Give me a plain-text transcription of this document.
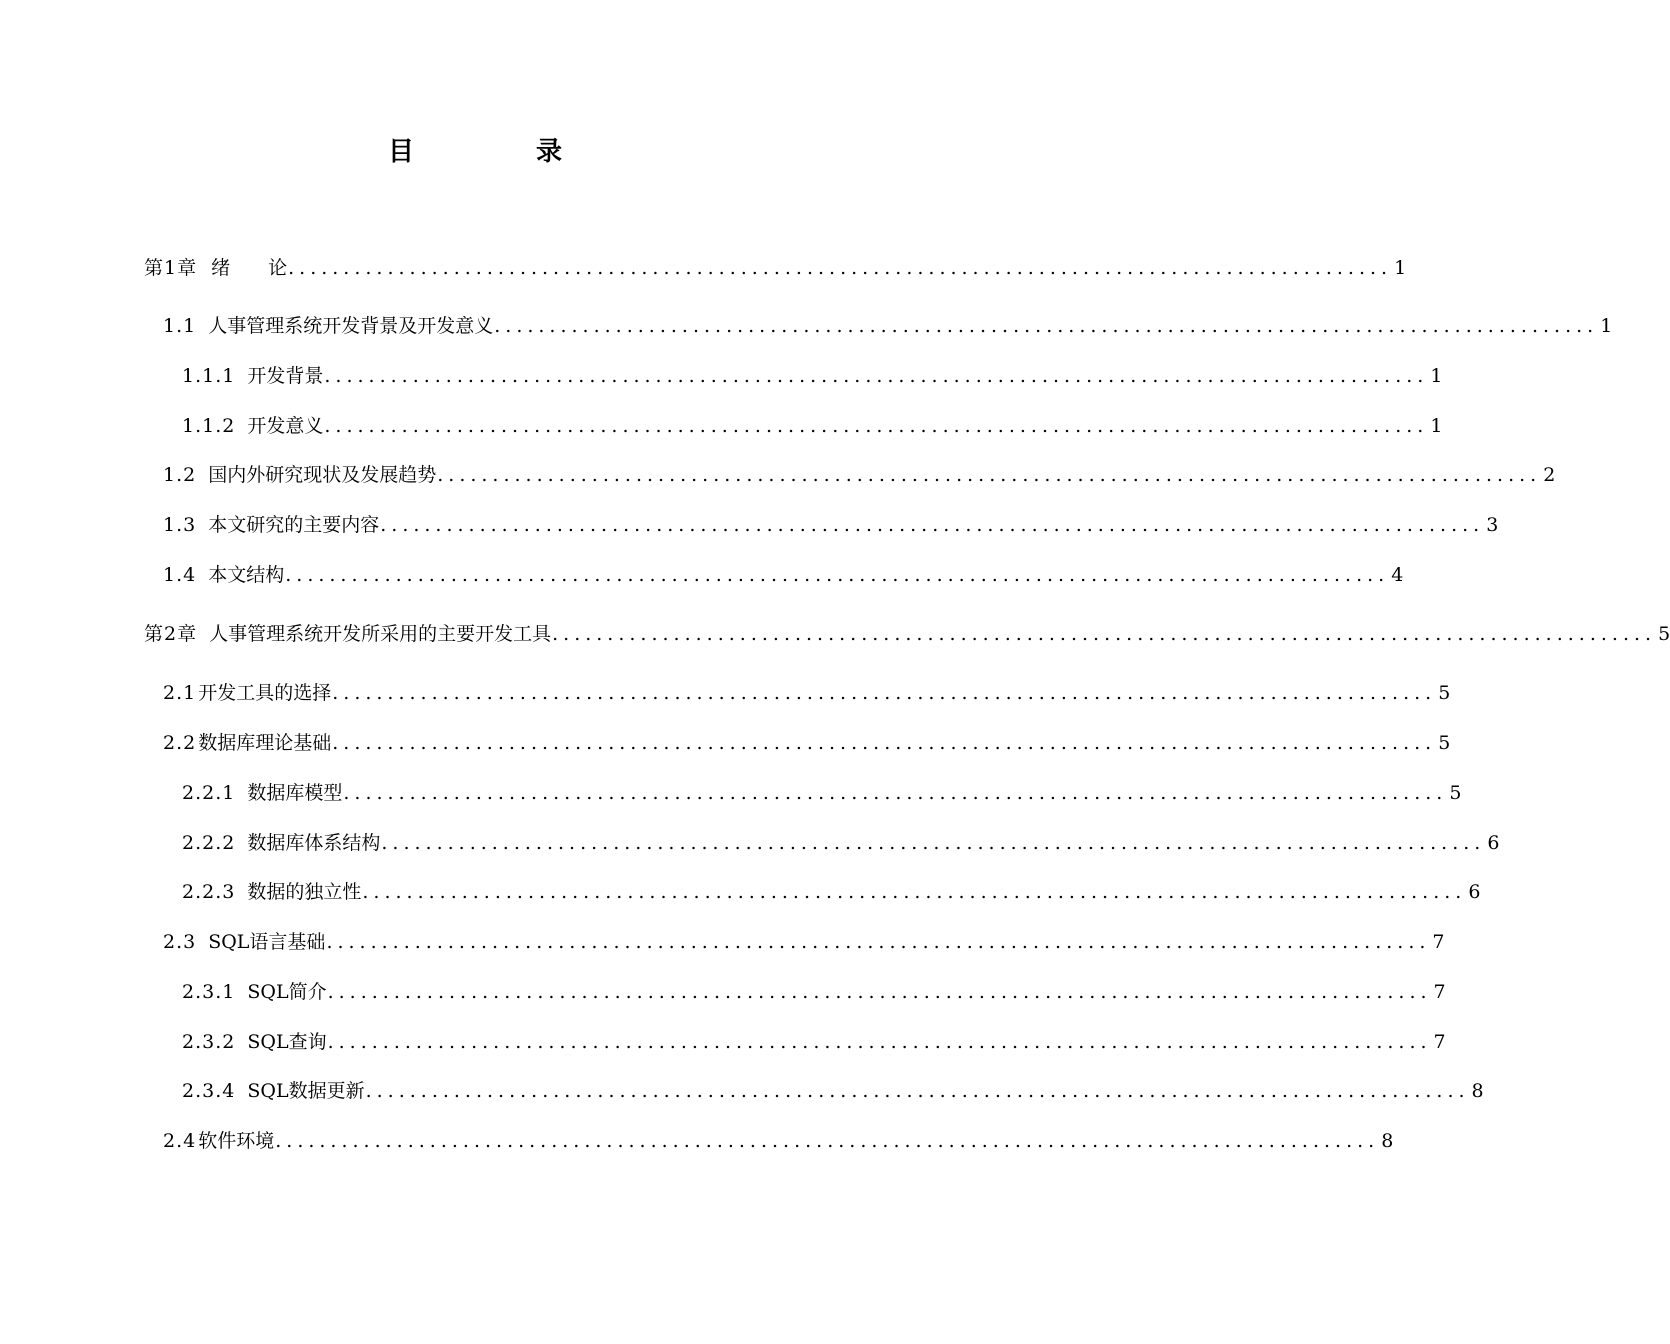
目　录
第1章 绪　　论 .................................................................................................... 1
1.1 人事管理系统开发背景及开发意义 .................................................................................................... 1
1.1.1 开发背景 .................................................................................................... 1
1.1.2 开发意义 .................................................................................................... 1
1.2 国内外研究现状及发展趋势 .................................................................................................... 2
1.3 本文研究的主要内容 .................................................................................................... 3
1.4 本文结构 .................................................................................................... 4
第2章 人事管理系统开发所采用的主要开发工具 .................................................................................................... 5
2.1 开发工具的选择 .................................................................................................... 5
2.2 数据库理论基础 .................................................................................................... 5
2.2.1 数据库模型 .................................................................................................... 5
2.2.2 数据库体系结构 .................................................................................................... 6
2.2.3 数据的独立性 .................................................................................................... 6
2.3 SQL语言基础 .................................................................................................... 7
2.3.1 SQL简介 .................................................................................................... 7
2.3.2 SQL查询 .................................................................................................... 7
2.3.4 SQL数据更新 .................................................................................................... 8
2.4 软件环境 .................................................................................................... 8
